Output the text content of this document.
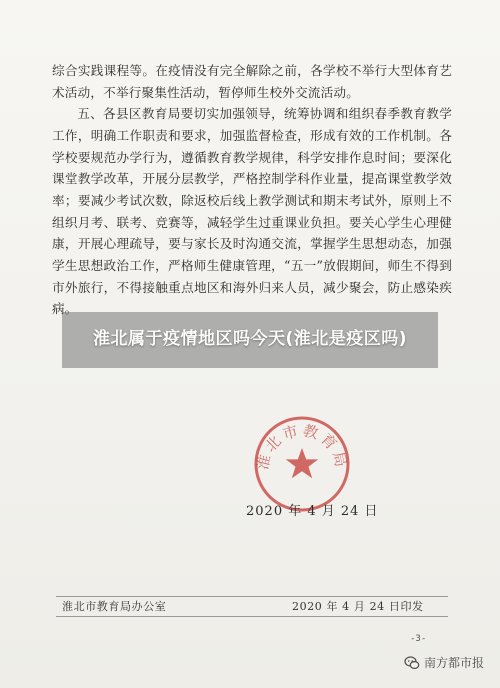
综合实践课程等。在疫情没有完全解除之前，各学校不举行大型体育艺术活动，不举行聚集性活动，暂停师生校外交流活动。

五、各县区教育局要切实加强领导，统筹协调和组织春季教育教学工作，明确工作职责和要求，加强监督检查，形成有效的工作机制。各学校要规范办学行为，遵循教育教学规律，科学安排作息时间；要深化课堂教学改革，开展分层教学，严格控制学科作业量，提高课堂教学效率；要减少考试次数，除返校后线上教学测试和期末考试外，原则上不组织月考、联考、竞赛等，减轻学生过重课业负担。要关心学生心理健康，开展心理疏导，要与家长及时沟通交流，掌握学生思想动态，加强学生思想政治工作，严格师生健康管理，“五一”放假期间，师生不得到市外旅行，不得接触重点地区和海外归来人员，减少聚会，防止感染疾病。

淮北市教育局
2020 年 4 月 24 日
淮北市教育局办公室	2020 年 4 月 24 日印发
-3-
淮北属于疫情地区吗今天(淮北是疫区吗)
南方都市报
